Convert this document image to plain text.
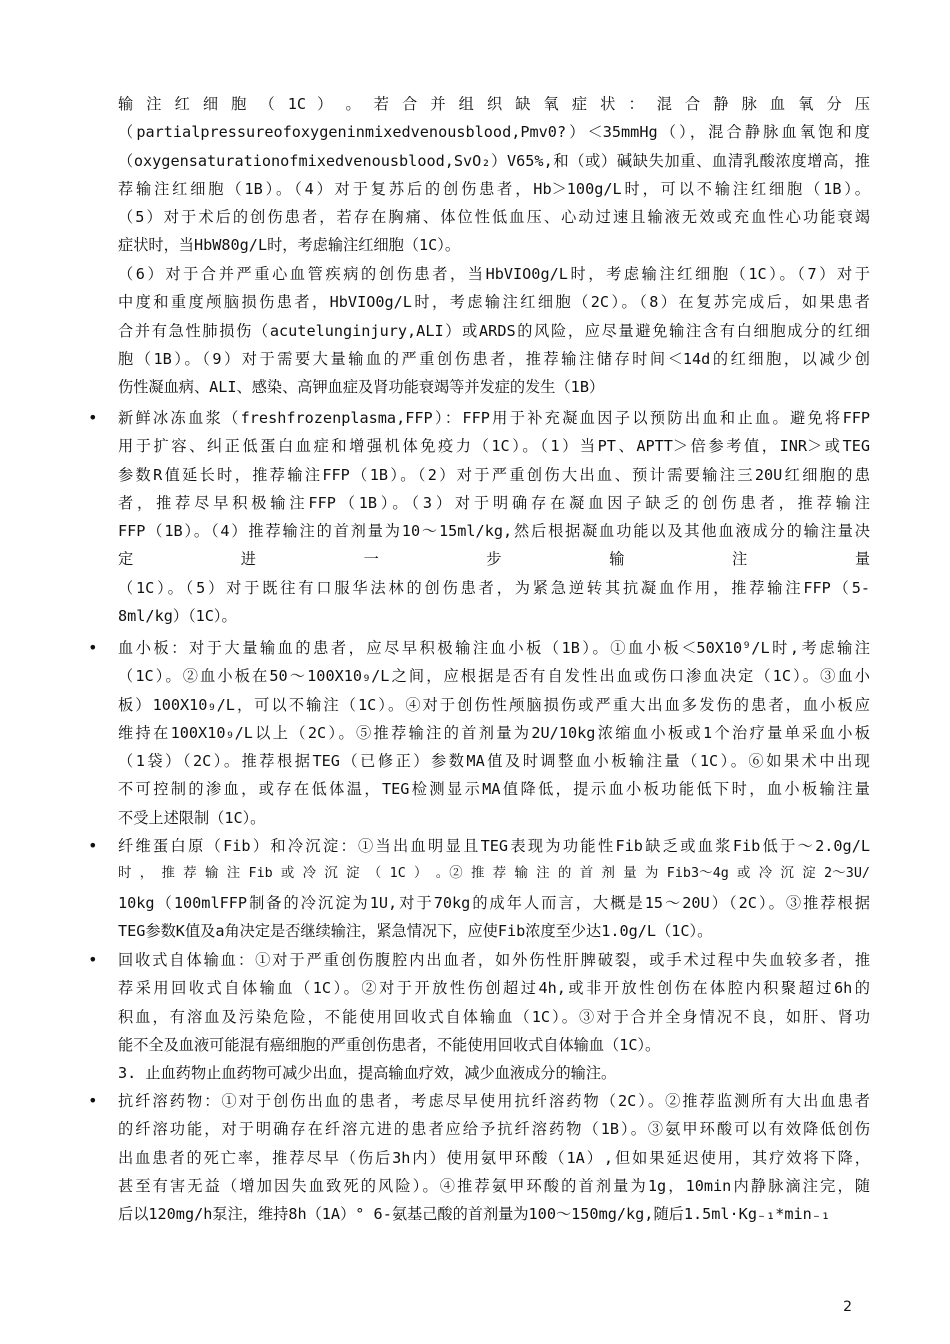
输 注 红 细 胞 （ 1C ） 。 若 合 并 组 织 缺 氧 症 状 ： 混 合 静 脉 血 氧 分 压
（partialpressureofoxygeninmixedvenousblood,Pmv0?）＜35mmHg（），混合静脉血氧饱和度
（oxygensaturationofmixedvenousblood,SvO₂）V65%,和（或）碱缺失加重、血清乳酸浓度增高，推
荐输注红细胞（1B）。（4）对于复苏后的创伤患者，Hb＞100g/L时，可以不输注红细胞（1B）。
（5）对于术后的创伤患者，若存在胸痛、体位性低血压、心动过速且输液无效或充血性心功能衰竭
症状时，当HbW80g/L时，考虑输注红细胞（1C）。
（6）对于合并严重心血管疾病的创伤患者，当HbVIO0g/L时，考虑输注红细胞（1C）。（7）对于
中度和重度颅脑损伤患者，HbVIO0g/L时，考虑输注红细胞（2C）。（8）在复苏完成后，如果患者
合并有急性肺损伤（acutelunginjury,ALI）或ARDS的风险，应尽量避免输注含有白细胞成分的红细
胞（1B）。（9）对于需要大量输血的严重创伤患者，推荐输注储存时间＜14d的红细胞，以减少创
伤性凝血病、ALI、感染、高钾血症及肾功能衰竭等并发症的发生（1B）
• 新鲜冰冻血浆（freshfrozenplasma,FFP）：FFP用于补充凝血因子以预防出血和止血。避免将FFP
用于扩容、纠正低蛋白血症和增强机体免疫力（1C）。（1）当PT、APTT＞倍参考值，INR＞或TEG
参数R值延长时，推荐输注FFP（1B）。（2）对于严重创伤大出血、预计需要输注三20U红细胞的患
者，推荐尽早积极输注FFP（1B）。（3）对于明确存在凝血因子缺乏的创伤患者，推荐输注
FFP（1B）。（4）推荐输注的首剂量为10～15ml/kg,然后根据凝血功能以及其他血液成分的输注量决
定进一步输注量
（1C）。（5）对于既往有口服华法林的创伤患者，为紧急逆转其抗凝血作用，推荐输注FFP（5-
8ml/kg）（1C）。
• 血小板：对于大量输血的患者，应尽早积极输注血小板（1B）。①血小板＜50X10⁹/L时,考虑输注
（1C）。②血小板在50～100X10₉/L之间，应根据是否有自发性出血或伤口渗血决定（1C）。③血小
板）100X10₉/L，可以不输注（1C）。④对于创伤性颅脑损伤或严重大出血多发伤的患者，血小板应
维持在100X10₉/L以上（2C）。⑤推荐输注的首剂量为2U/10kg浓缩血小板或1个治疗量单采血小板
（1袋）（2C）。推荐根据TEG（已修正）参数MA值及时调整血小板输注量（1C）。⑥如果术中出现
不可控制的渗血，或存在低体温，TEG检测显示MA值降低，提示血小板功能低下时，血小板输注量
不受上述限制（1C）。
• 纤维蛋白原（Fib）和冷沉淀：①当出血明显且TEG表现为功能性Fib缺乏或血浆Fib低于～2.0g/L
时 ， 推 荐 输 注 Fib 或 冷 沉 淀 （ 1C ） 。② 推 荐 输 注 的 首 剂 量 为 Fib3～4g 或 冷 沉 淀 2～3U/
10kg（100mlFFP制备的冷沉淀为1U,对于70kg的成年人而言，大概是15～20U）（2C）。③推荐根据
TEG参数K值及a角决定是否继续输注，紧急情况下，应使Fib浓度至少达1.0g/L（1C）。
• 回收式自体输血：①对于严重创伤腹腔内出血者，如外伤性肝脾破裂，或手术过程中失血较多者，推
荐采用回收式自体输血（1C）。②对于开放性伤创超过4h,或非开放性创伤在体腔内积聚超过6h的
积血，有溶血及污染危险，不能使用回收式自体输血（1C）。③对于合并全身情况不良，如肝、肾功
能不全及血液可能混有癌细胞的严重创伤患者，不能使用回收式自体输血（1C）。
3. 止血药物止血药物可减少出血，提高输血疗效，减少血液成分的输注。
• 抗纤溶药物：①对于创伤出血的患者，考虑尽早使用抗纤溶药物（2C）。②推荐监测所有大出血患者
的纤溶功能，对于明确存在纤溶亢进的患者应给予抗纤溶药物（1B）。③氨甲环酸可以有效降低创伤
出血患者的死亡率，推荐尽早（伤后3h内）使用氨甲环酸（1A）,但如果延迟使用，其疗效将下降，
甚至有害无益（增加因失血致死的风险）。④推荐氨甲环酸的首剂量为1g，10min内静脉滴注完，随
后以120mg/h泵注，维持8h（1A）° 6-氨基己酸的首剂量为100～150mg/kg,随后1.5ml·Kg₋₁*min₋₁
2
